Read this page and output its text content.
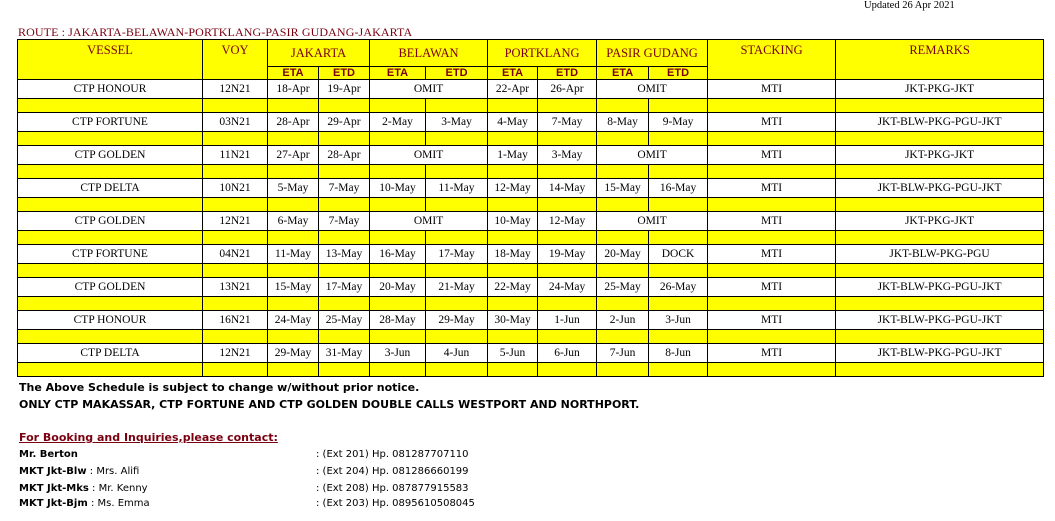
Updated 26 Apr 2021
ROUTE : JAKARTA-BELAWAN-PORTKLANG-PASIR GUDANG-JAKARTA
VESSEL	VOY	JAKARTA		BELAWAN		PORTKLANG		PASIR GUDANG		STACKING	REMARKS
		ETA	ETD	ETA	ETD	ETA	ETD	ETA	ETD		
CTP HONOUR	12N21	18-Apr	19-Apr	OMIT		22-Apr	26-Apr	OMIT		MTI	JKT-PKG-JKT

CTP FORTUNE	03N21	28-Apr	29-Apr	2-May	3-May	4-May	7-May	8-May	9-May	MTI	JKT-BLW-PKG-PGU-JKT

CTP GOLDEN	11N21	27-Apr	28-Apr	OMIT		1-May	3-May	OMIT		MTI	JKT-PKG-JKT

CTP DELTA	10N21	5-May	7-May	10-May	11-May	12-May	14-May	15-May	16-May	MTI	JKT-BLW-PKG-PGU-JKT

CTP GOLDEN	12N21	6-May	7-May	OMIT		10-May	12-May	OMIT		MTI	JKT-PKG-JKT

CTP FORTUNE	04N21	11-May	13-May	16-May	17-May	18-May	19-May	20-May	DOCK	MTI	JKT-BLW-PKG-PGU

CTP GOLDEN	13N21	15-May	17-May	20-May	21-May	22-May	24-May	25-May	26-May	MTI	JKT-BLW-PKG-PGU-JKT

CTP HONOUR	16N21	24-May	25-May	28-May	29-May	30-May	1-Jun	2-Jun	3-Jun	MTI	JKT-BLW-PKG-PGU-JKT

CTP DELTA	12N21	29-May	31-May	3-Jun	4-Jun	5-Jun	6-Jun	7-Jun	8-Jun	MTI	JKT-BLW-PKG-PGU-JKT

The Above Schedule is subject to change w/without prior notice.
ONLY CTP MAKASSAR, CTP FORTUNE AND CTP GOLDEN DOUBLE CALLS WESTPORT AND NORTHPORT.
For Booking and Inquiries,please contact:
Mr. Berton	: (Ext 201) Hp. 081287707110
MKT Jkt-Blw : Mrs. Alifi	: (Ext 204) Hp. 081286660199
MKT Jkt-Mks : Mr. Kenny	: (Ext 208) Hp. 087877915583
MKT Jkt-Bjm : Ms. Emma	: (Ext 203) Hp. 0895610508045
